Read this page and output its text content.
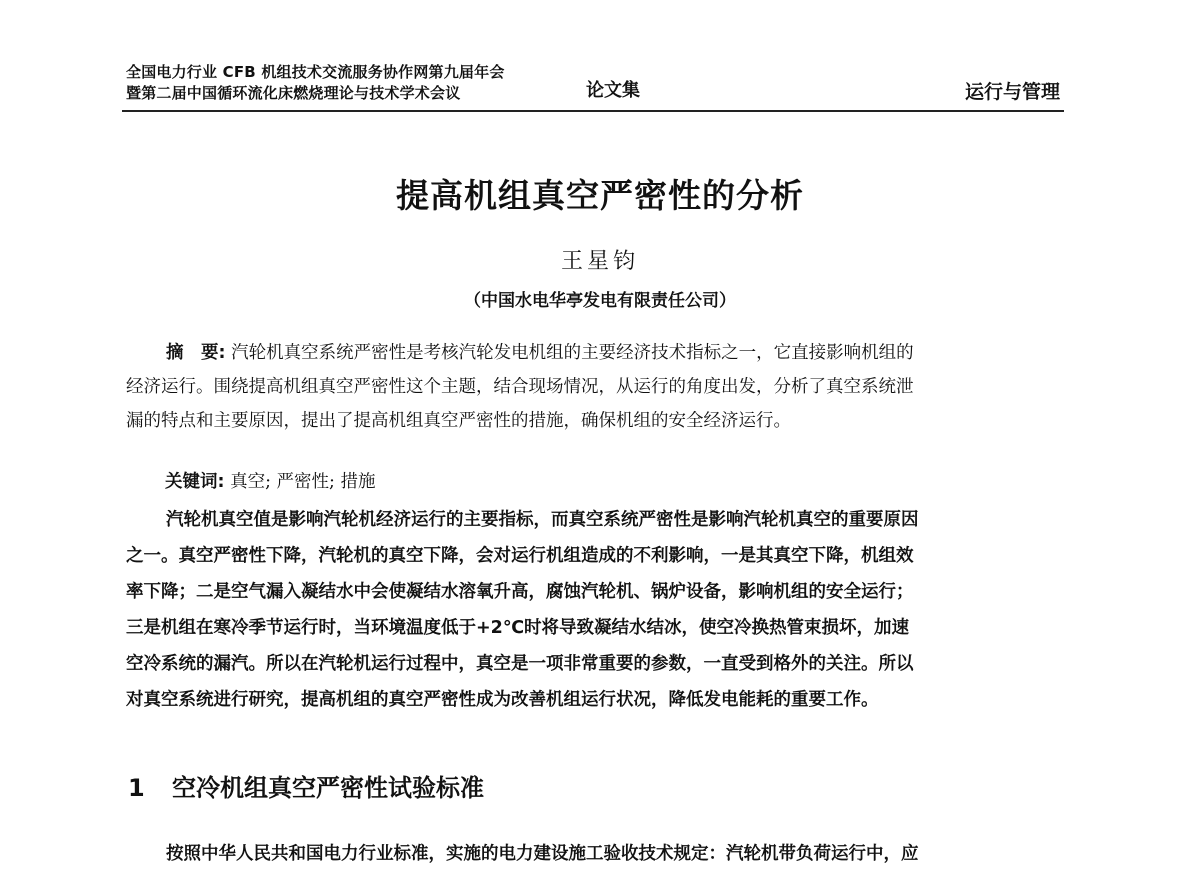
全国电力行业 CFB 机组技术交流服务协作网第九届年会
暨第二届中国循环流化床燃烧理论与技术学术会议	论文集	运行与管理
提高机组真空严密性的分析
王星钧
（中国水电华亭发电有限责任公司）
摘　要: 汽轮机真空系统严密性是考核汽轮发电机组的主要经济技术指标之一，它直接影响机组的
经济运行。围绕提高机组真空严密性这个主题，结合现场情况，从运行的角度出发，分析了真空系统泄
漏的特点和主要原因，提出了提高机组真空严密性的措施，确保机组的安全经济运行。
关键词: 真空; 严密性; 措施
汽轮机真空值是影响汽轮机经济运行的主要指标，而真空系统严密性是影响汽轮机真空的重要原因
之一。真空严密性下降，汽轮机的真空下降，会对运行机组造成的不利影响，一是其真空下降，机组效
率下降；二是空气漏入凝结水中会使凝结水溶氧升高，腐蚀汽轮机、锅炉设备，影响机组的安全运行；
三是机组在寒冷季节运行时，当环境温度低于+2℃时将导致凝结水结冰，使空冷换热管束损坏，加速
空冷系统的漏汽。所以在汽轮机运行过程中，真空是一项非常重要的参数，一直受到格外的关注。所以
对真空系统进行研究，提高机组的真空严密性成为改善机组运行状况，降低发电能耗的重要工作。
1 空冷机组真空严密性试验标准
按照中华人民共和国电力行业标准，实施的电力建设施工验收技术规定：汽轮机带负荷运行中，应
